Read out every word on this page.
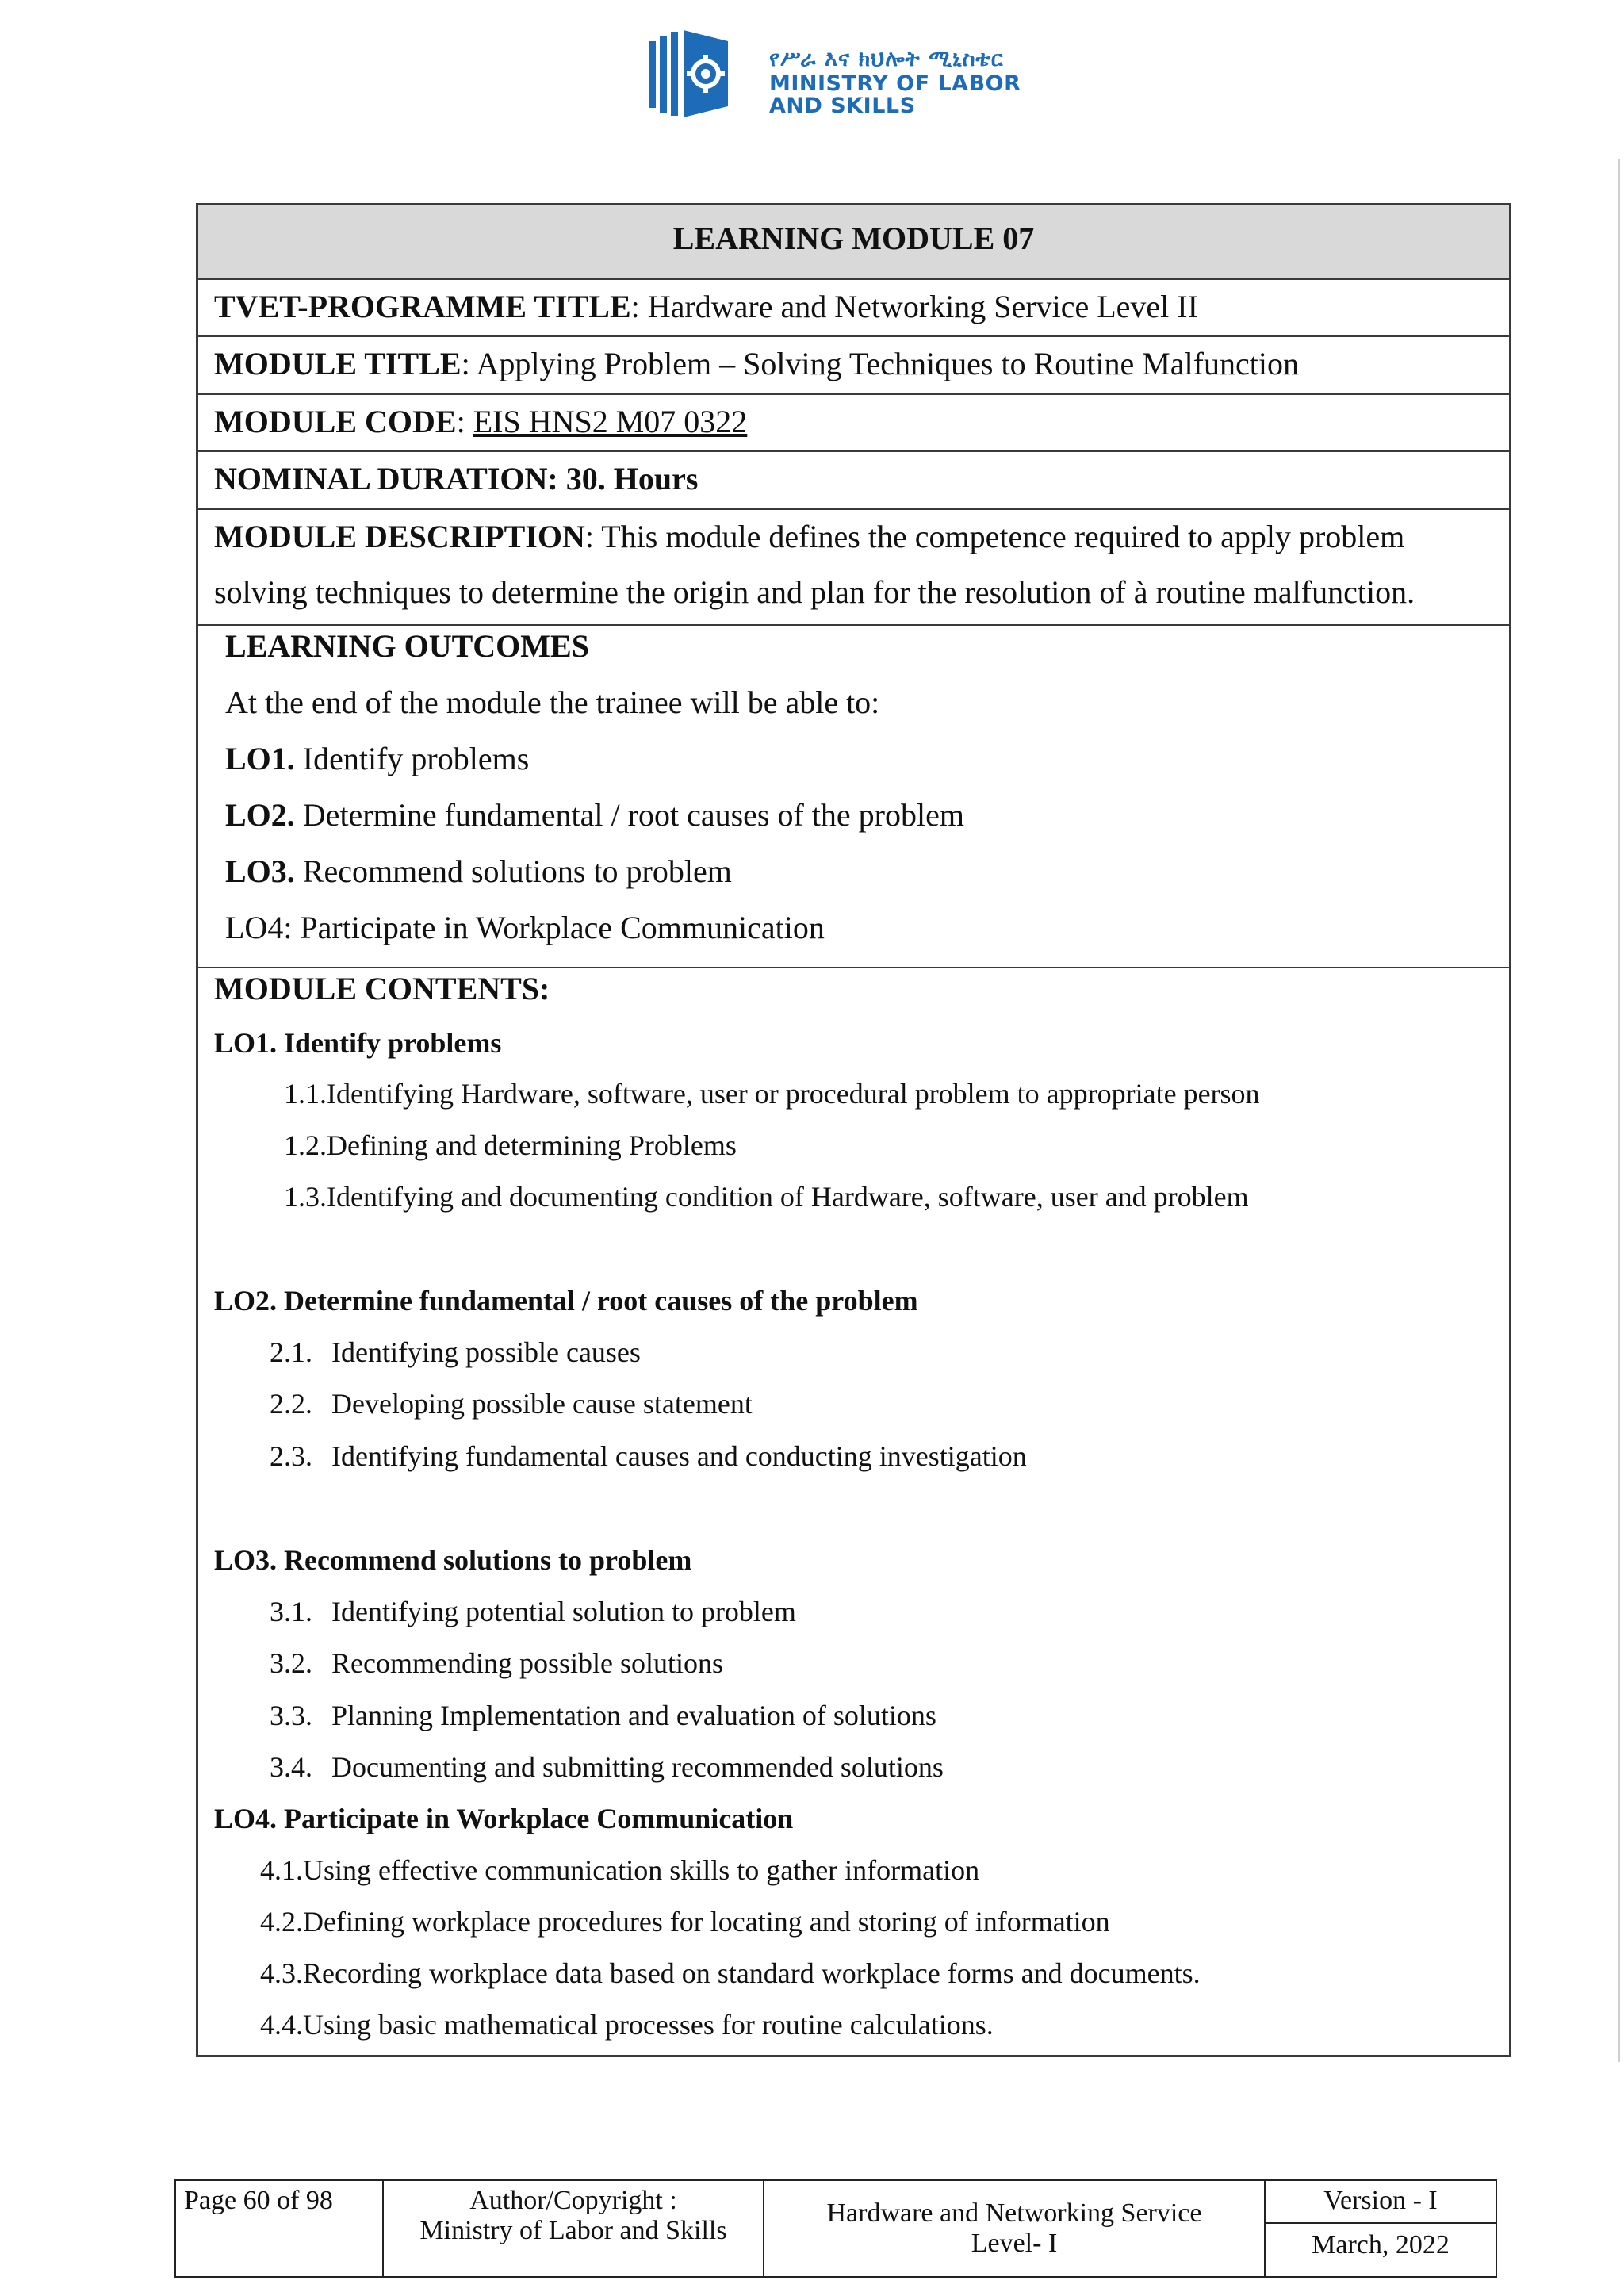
የሥራ እና ክህሎት ሚኒስቴር
MINISTRY OF LABOR
AND SKILLS
LEARNING MODULE 07
TVET-PROGRAMME TITLE: Hardware and Networking Service Level II
MODULE TITLE: Applying Problem – Solving Techniques to Routine Malfunction
MODULE CODE: EIS HNS2 M07 0322
NOMINAL DURATION: 30. Hours
MODULE DESCRIPTION: This module defines the competence required to apply problem
solving techniques to determine the origin and plan for the resolution of à routine malfunction.
LEARNING OUTCOMES
At the end of the module the trainee will be able to:
LO1. Identify problems
LO2. Determine fundamental / root causes of the problem
LO3. Recommend solutions to problem
LO4: Participate in Workplace Communication
MODULE CONTENTS:
LO1. Identify problems
1.1.Identifying Hardware, software, user or procedural problem to appropriate person
1.2.Defining and determining Problems
1.3.Identifying and documenting condition of Hardware, software, user and problem
LO2. Determine fundamental / root causes of the problem
2.1. Identifying possible causes
2.2. Developing possible cause statement
2.3. Identifying fundamental causes and conducting investigation
LO3. Recommend solutions to problem
3.1. Identifying potential solution to problem
3.2. Recommending possible solutions
3.3. Planning Implementation and evaluation of solutions
3.4. Documenting and submitting recommended solutions
LO4. Participate in Workplace Communication
4.1.Using effective communication skills to gather information
4.2.Defining workplace procedures for locating and storing of information
4.3.Recording workplace data based on standard workplace forms and documents.
4.4.Using basic mathematical processes for routine calculations.
Page 60 of 98	Author/Copyright :
Ministry of Labor and Skills
Hardware and Networking Service
Level- I
Version - I
March, 2022
